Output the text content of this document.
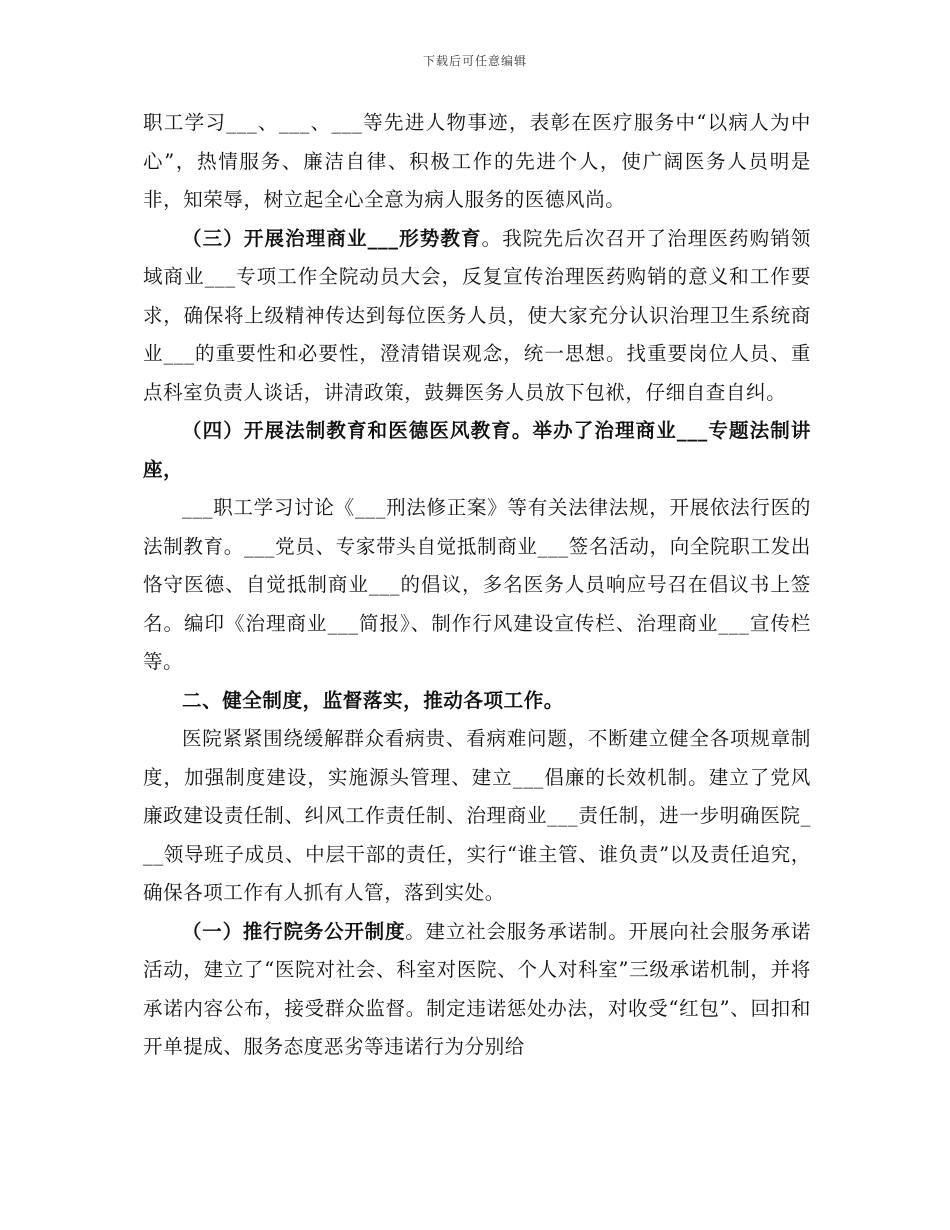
下载后可任意编辑

职工学习___、___、___等先进人物事迹，表彰在医疗服务中“以病人为中心”，热情服务、廉洁自律、积极工作的先进个人，使广阔医务人员明是非，知荣辱，树立起全心全意为病人服务的医德风尚。

（三）开展治理商业___形势教育。我院先后次召开了治理医药购销领域商业___专项工作全院动员大会，反复宣传治理医药购销的意义和工作要求，确保将上级精神传达到每位医务人员，使大家充分认识治理卫生系统商业___的重要性和必要性，澄清错误观念，统一思想。找重要岗位人员、重点科室负责人谈话，讲清政策，鼓舞医务人员放下包袱，仔细自查自纠。

（四）开展法制教育和医德医风教育。举办了治理商业___专题法制讲座，

___职工学习讨论《___刑法修正案》等有关法律法规，开展依法行医的法制教育。___党员、专家带头自觉抵制商业___签名活动，向全院职工发出恪守医德、自觉抵制商业___的倡议，多名医务人员响应号召在倡议书上签名。编印《治理商业___简报》、制作行风建设宣传栏、治理商业___宣传栏等。

二、健全制度，监督落实，推动各项工作。

医院紧紧围绕缓解群众看病贵、看病难问题，不断建立健全各项规章制度，加强制度建设，实施源头管理、建立___倡廉的长效机制。建立了党风廉政建设责任制、纠风工作责任制、治理商业___责任制，进一步明确医院___领导班子成员、中层干部的责任，实行“谁主管、谁负责”以及责任追究，确保各项工作有人抓有人管，落到实处。

（一）推行院务公开制度。建立社会服务承诺制。开展向社会服务承诺活动，建立了“医院对社会、科室对医院、个人对科室”三级承诺机制，并将承诺内容公布，接受群众监督。制定违诺惩处办法，对收受“红包”、回扣和开单提成、服务态度恶劣等违诺行为分别给
